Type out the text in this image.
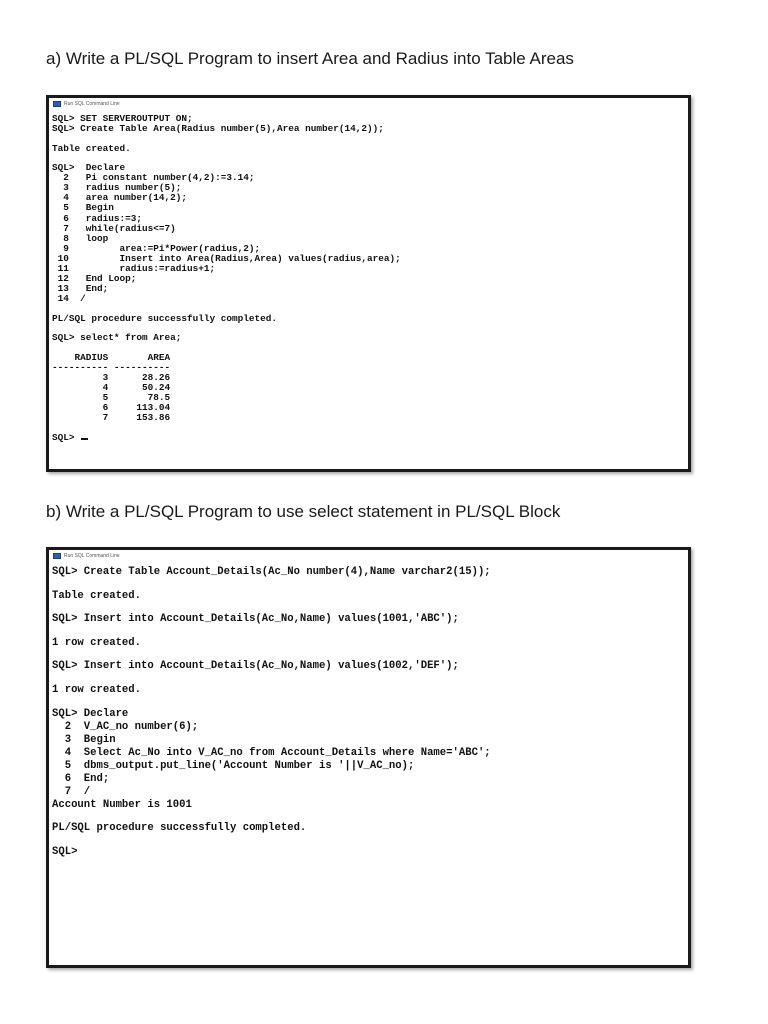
a) Write a PL/SQL Program to insert Area and Radius into Table Areas
Run SQL Command Line
SQL> SET SERVEROUTPUT ON;
SQL> Create Table Area(Radius number(5),Area number(14,2));
Table created.
SQL>  Declare
2   Pi constant number(4,2):=3.14;
3   radius number(5);
4   area number(14,2);
5   Begin
6   radius:=3;
7   while(radius<=7)
8   loop
9         area:=Pi*Power(radius,2);
10         Insert into Area(Radius,Area) values(radius,area);
11         radius:=radius+1;
12   End Loop;
13   End;
14  /
PL/SQL procedure successfully completed.
SQL> select* from Area;
RADIUS       AREA
---------- ----------
3      28.26
4      50.24
5       78.5
6     113.04
7     153.86
SQL>
b) Write a PL/SQL Program to use select statement in PL/SQL Block
Run SQL Command Line
SQL> Create Table Account_Details(Ac_No number(4),Name varchar2(15));
Table created.
SQL> Insert into Account_Details(Ac_No,Name) values(1001,'ABC');
1 row created.
SQL> Insert into Account_Details(Ac_No,Name) values(1002,'DEF');
1 row created.
SQL> Declare
2  V_AC_no number(6);
3  Begin
4  Select Ac_No into V_AC_no from Account_Details where Name='ABC';
5  dbms_output.put_line('Account Number is '||V_AC_no);
6  End;
7  /
Account Number is 1001
PL/SQL procedure successfully completed.
SQL>
